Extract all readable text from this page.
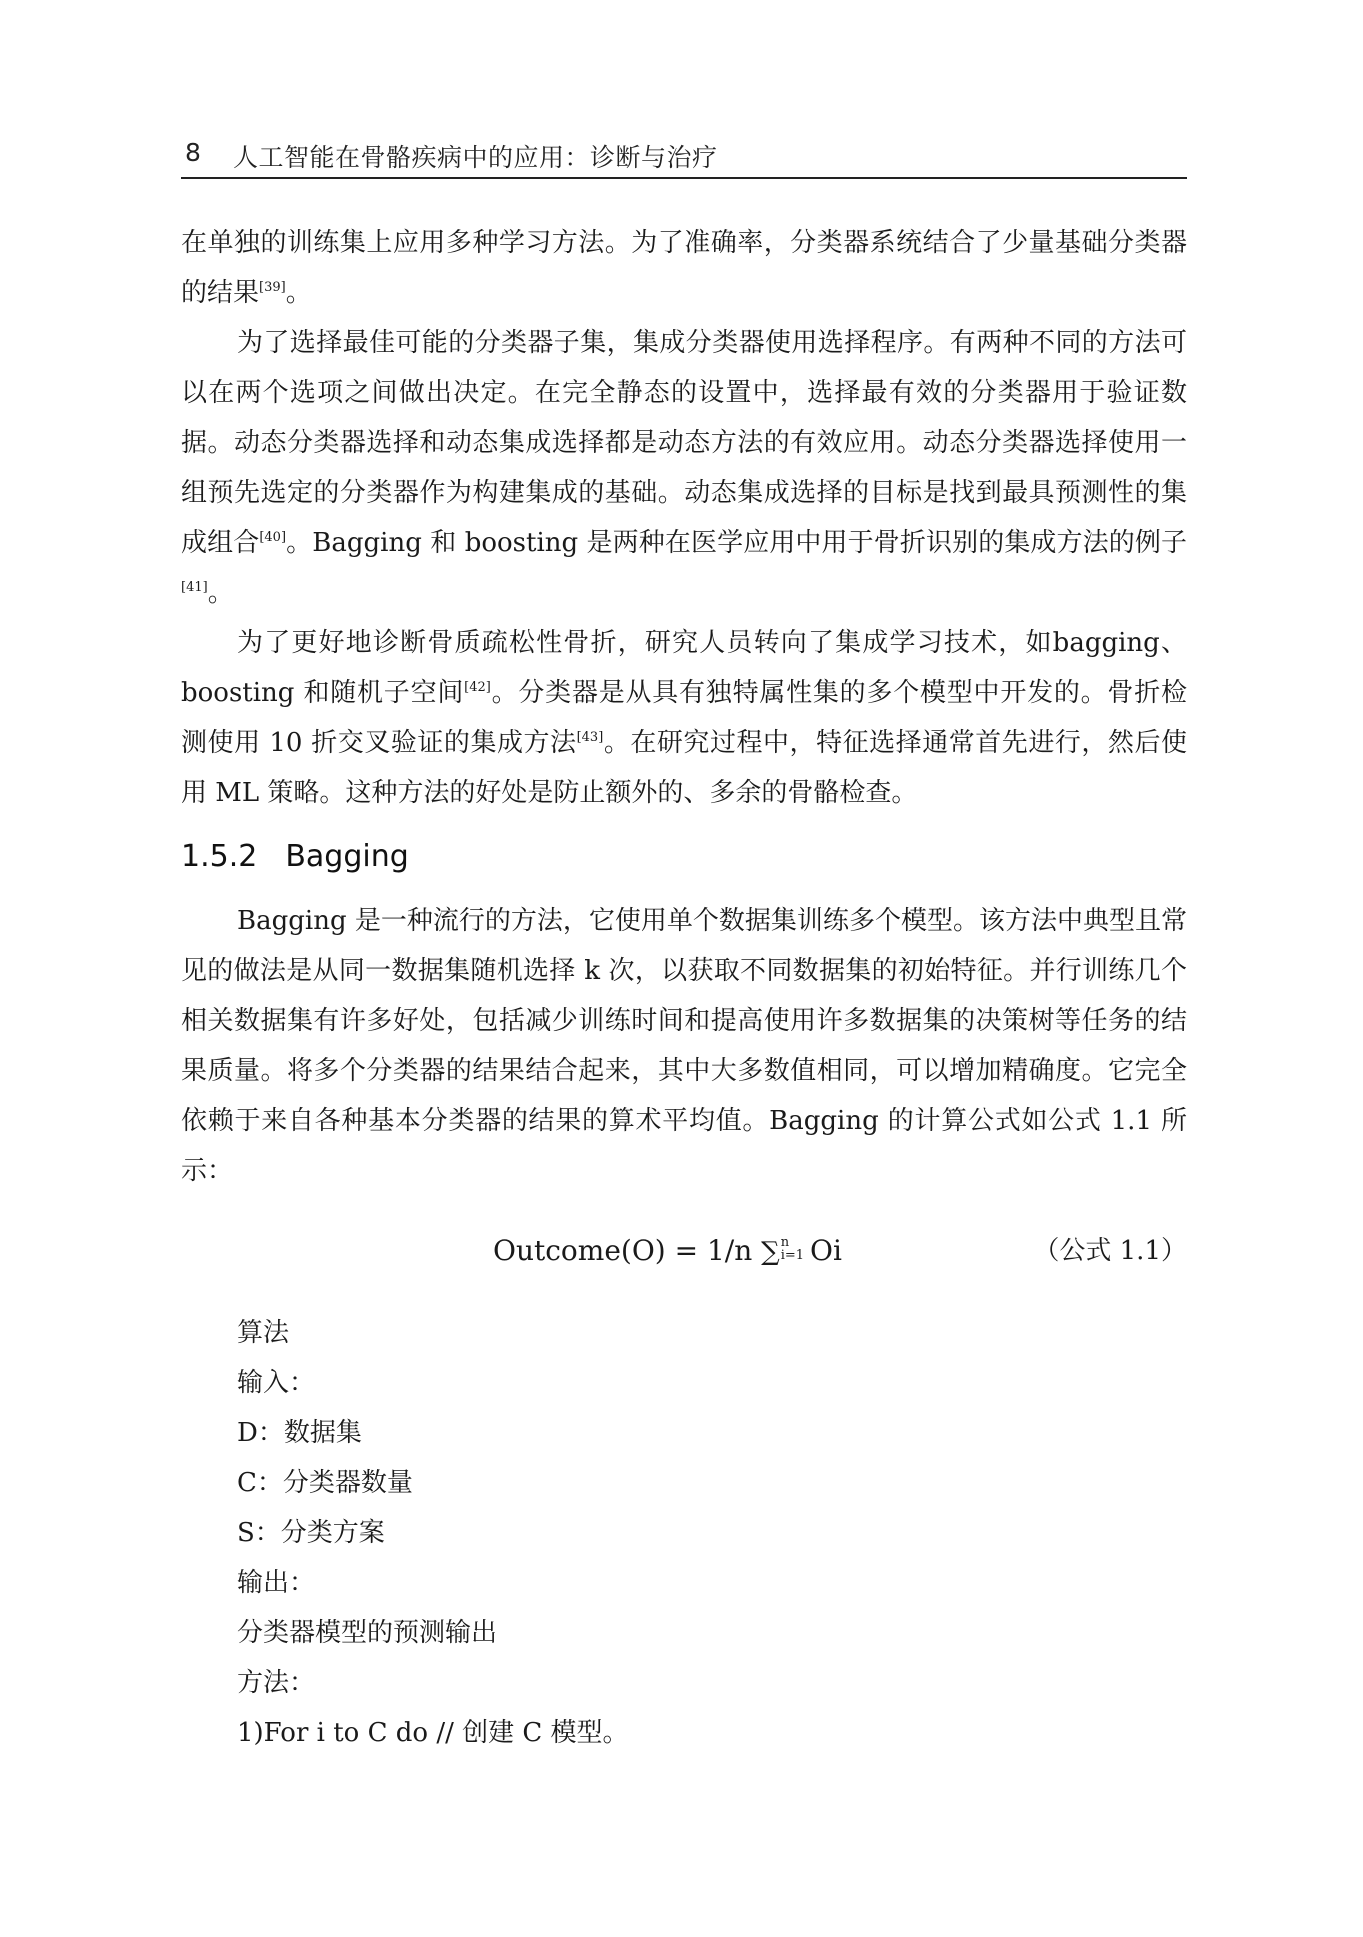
8 人工智能在骨骼疾病中的应用：诊断与治疗

在单独的训练集上应用多种学习方法。为了准确率，分类器系统结合了少量基础分类器的结果[39]。

为了选择最佳可能的分类器子集，集成分类器使用选择程序。有两种不同的方法可以在两个选项之间做出决定。在完全静态的设置中，选择最有效的分类器用于验证数据。动态分类器选择和动态集成选择都是动态方法的有效应用。动态分类器选择使用一组预先选定的分类器作为构建集成的基础。动态集成选择的目标是找到最具预测性的集成组合[40]。Bagging 和 boosting 是两种在医学应用中用于骨折识别的集成方法的例子[41]。

为了更好地诊断骨质疏松性骨折，研究人员转向了集成学习技术，如bagging、boosting 和随机子空间[42]。分类器是从具有独特属性集的多个模型中开发的。骨折检测使用 10 折交叉验证的集成方法[43]。在研究过程中，特征选择通常首先进行，然后使用 ML 策略。这种方法的好处是防止额外的、多余的骨骼检查。

1.5.2 Bagging

Bagging 是一种流行的方法，它使用单个数据集训练多个模型。该方法中典型且常见的做法是从同一数据集随机选择 k 次，以获取不同数据集的初始特征。并行训练几个相关数据集有许多好处，包括减少训练时间和提高使用许多数据集的决策树等任务的结果质量。将多个分类器的结果结合起来，其中大多数值相同，可以增加精确度。它完全依赖于来自各种基本分类器的结果的算术平均值。Bagging 的计算公式如公式 1.1 所示：

Outcome(O) = 1/n ∑ n
i=1 Oi	（公式 1.1）
算法
输入：
D：数据集
C：分类器数量
S：分类方案
输出：
分类器模型的预测输出
方法：
1)For i to C do // 创建 C 模型。
